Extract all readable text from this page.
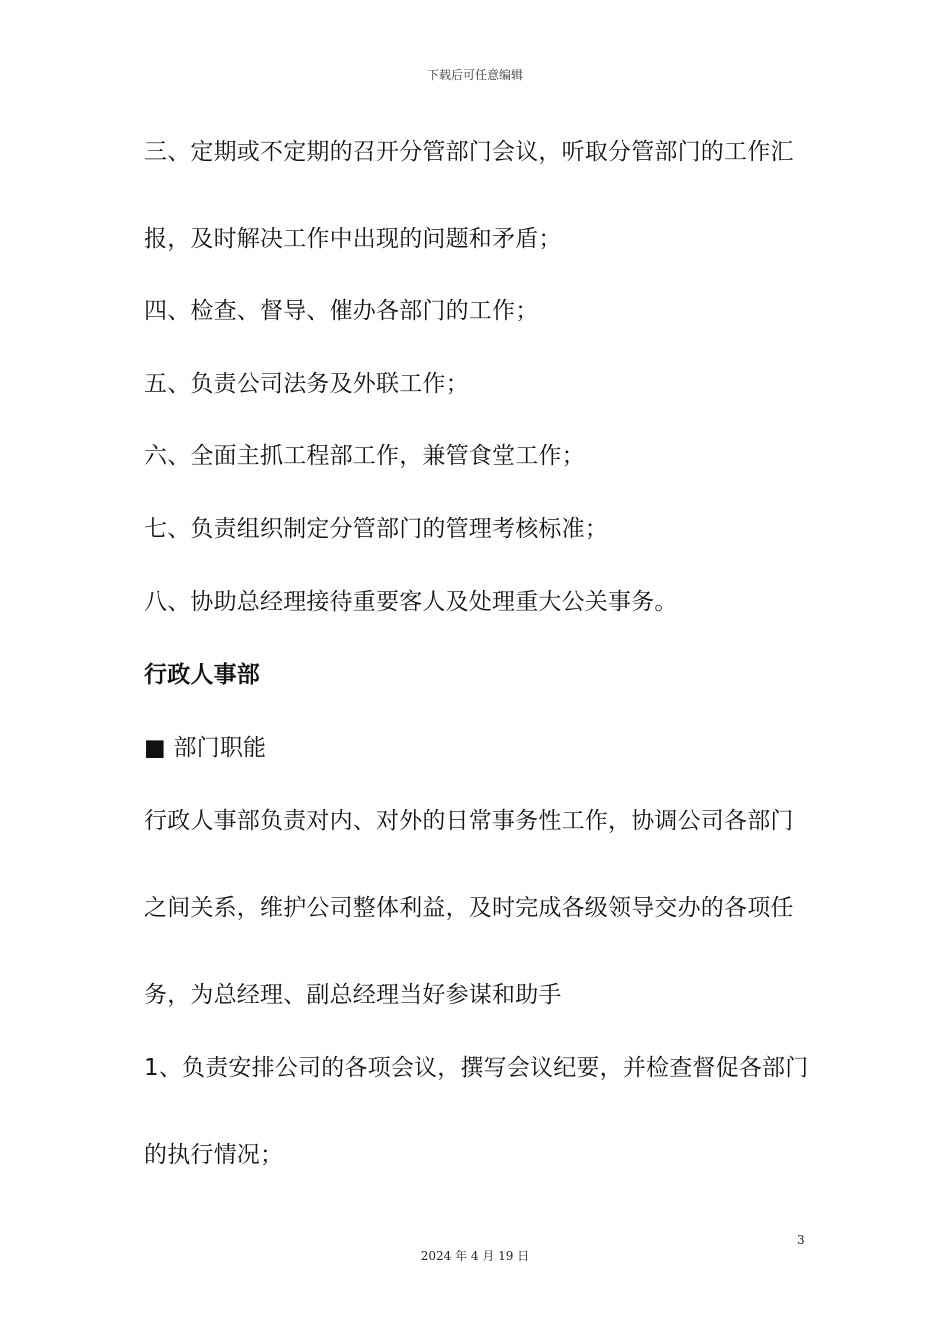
下载后可任意编辑
三、定期或不定期的召开分管部门会议，听取分管部门的工作汇
报，及时解决工作中出现的问题和矛盾；
四、检查、督导、催办各部门的工作；
五、负责公司法务及外联工作；
六、全面主抓工程部工作，兼管食堂工作；
七、负责组织制定分管部门的管理考核标准；
八、协助总经理接待重要客人及处理重大公关事务。
行政人事部
■ 部门职能
行政人事部负责对内、对外的日常事务性工作，协调公司各部门
之间关系，维护公司整体利益，及时完成各级领导交办的各项任
务，为总经理、副总经理当好参谋和助手
1、负责安排公司的各项会议，撰写会议纪要，并检查督促各部门
的执行情况；
3
2024 年 4 月 19 日
